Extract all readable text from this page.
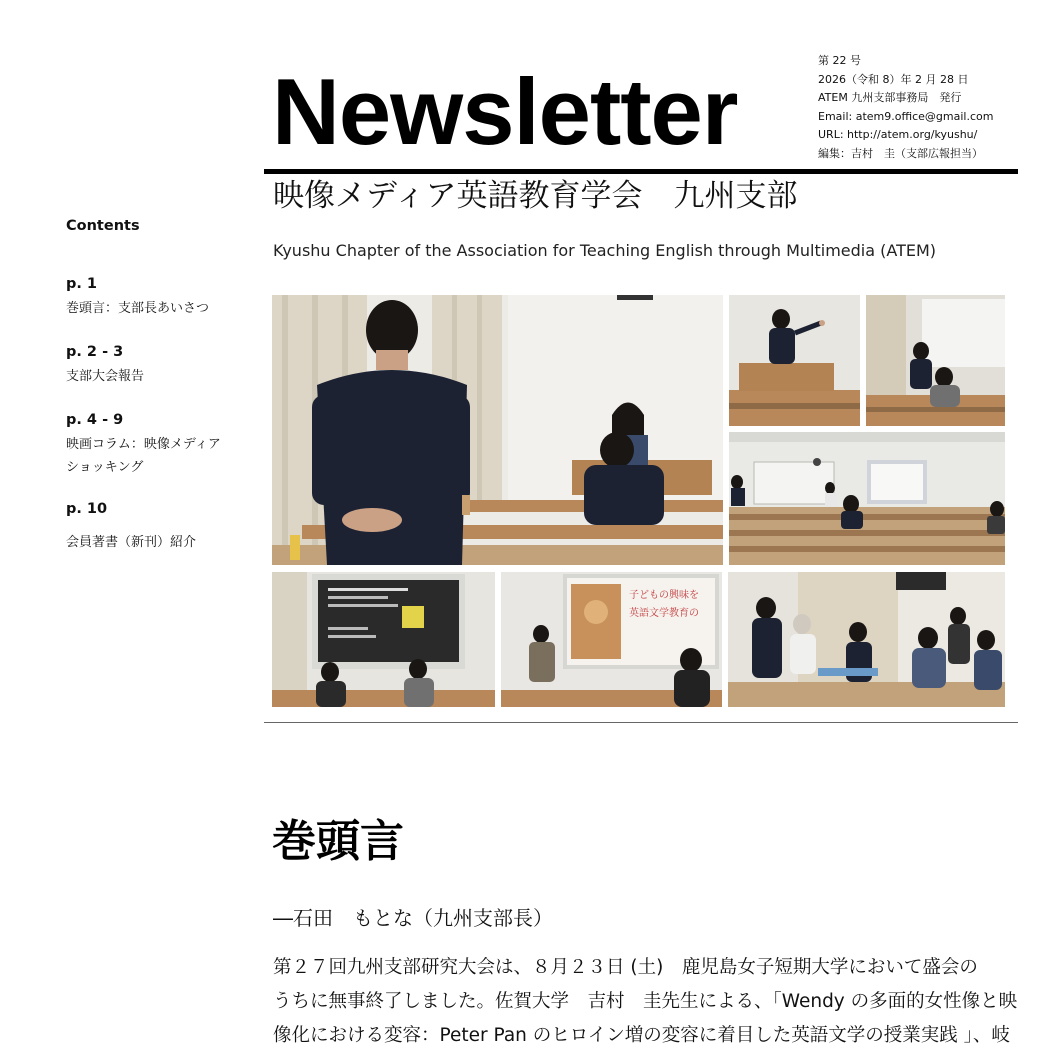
Newsletter	第 22 号
2026（令和 8）年 2 月 28 日
ATEM 九州支部事務局　発行
Email: atem9.office@gmail.com
URL: http://atem.org/kyushu/
編集：吉村　圭（支部広報担当）
映像メディア英語教育学会　九州支部
Kyushu Chapter of the Association for Teaching English through Multimedia (ATEM)
Contents
p. 1
巻頭言：支部長あいさつ
p. 2 - 3
支部大会報告
p. 4 - 9
映画コラム：映像メディア
ショッキング
p. 10
会員著書（新刊）紹介
子どもの興味を
英語文学教育の
巻頭言
―石田　もとな（九州支部長）
第２７回九州支部研究大会は、８月２３日 (土)　鹿児島女子短期大学において盛会の
うちに無事終了しました。佐賀大学　吉村　圭先生による、「Wendy の多面的女性像と映
像化における変容：Peter Pan のヒロイン増の変容に着目した英語文学の授業実践 」、岐
